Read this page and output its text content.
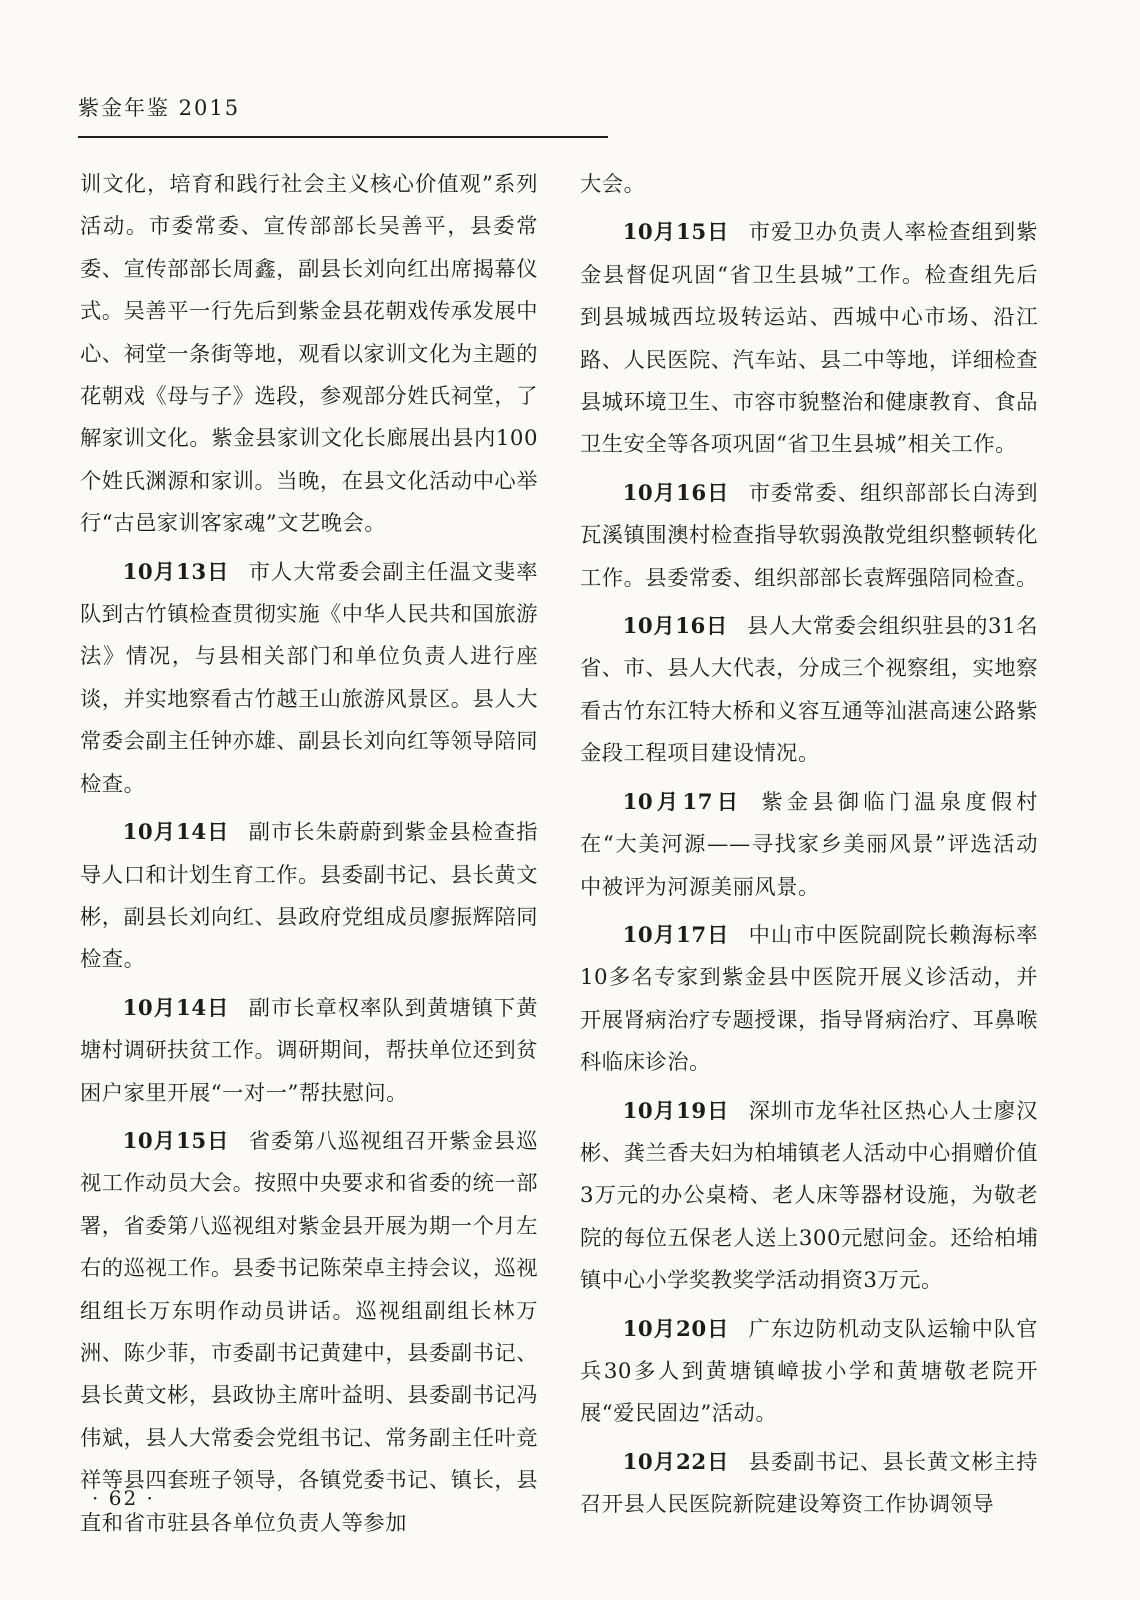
紫金年鉴 2015

训文化，培育和践行社会主义核心价值观”系列活动。市委常委、宣传部部长吴善平，县委常委、宣传部部长周鑫，副县长刘向红出席揭幕仪式。吴善平一行先后到紫金县花朝戏传承发展中心、祠堂一条街等地，观看以家训文化为主题的花朝戏《母与子》选段，参观部分姓氏祠堂，了解家训文化。紫金县家训文化长廊展出县内100个姓氏渊源和家训。当晚，在县文化活动中心举行“古邑家训客家魂”文艺晚会。

10月13日 市人大常委会副主任温文斐率队到古竹镇检查贯彻实施《中华人民共和国旅游法》情况，与县相关部门和单位负责人进行座谈，并实地察看古竹越王山旅游风景区。县人大常委会副主任钟亦雄、副县长刘向红等领导陪同检查。

10月14日 副市长朱蔚蔚到紫金县检查指导人口和计划生育工作。县委副书记、县长黄文彬，副县长刘向红、县政府党组成员廖振辉陪同检查。

10月14日 副市长章权率队到黄塘镇下黄塘村调研扶贫工作。调研期间，帮扶单位还到贫困户家里开展“一对一”帮扶慰问。

10月15日 省委第八巡视组召开紫金县巡视工作动员大会。按照中央要求和省委的统一部署，省委第八巡视组对紫金县开展为期一个月左右的巡视工作。县委书记陈荣卓主持会议，巡视组组长万东明作动员讲话。巡视组副组长林万洲、陈少菲，市委副书记黄建中，县委副书记、县长黄文彬，县政协主席叶益明、县委副书记冯伟斌，县人大常委会党组书记、常务副主任叶竞祥等县四套班子领导，各镇党委书记、镇长，县直和省市驻县各单位负责人等参加

大会。

10月15日 市爱卫办负责人率检查组到紫金县督促巩固“省卫生县城”工作。检查组先后到县城城西垃圾转运站、西城中心市场、沿江路、人民医院、汽车站、县二中等地，详细检查县城环境卫生、市容市貌整治和健康教育、食品卫生安全等各项巩固“省卫生县城”相关工作。

10月16日 市委常委、组织部部长白涛到瓦溪镇围澳村检查指导软弱涣散党组织整顿转化工作。县委常委、组织部部长袁辉强陪同检查。

10月16日 县人大常委会组织驻县的31名省、市、县人大代表，分成三个视察组，实地察看古竹东江特大桥和义容互通等汕湛高速公路紫金段工程项目建设情况。

10月17日 紫金县御临门温泉度假村在“大美河源——寻找家乡美丽风景”评选活动中被评为河源美丽风景。

10月17日 中山市中医院副院长赖海标率10多名专家到紫金县中医院开展义诊活动，并开展肾病治疗专题授课，指导肾病治疗、耳鼻喉科临床诊治。

10月19日 深圳市龙华社区热心人士廖汉彬、龚兰香夫妇为柏埔镇老人活动中心捐赠价值3万元的办公桌椅、老人床等器材设施，为敬老院的每位五保老人送上300元慰问金。还给柏埔镇中心小学奖教奖学活动捐资3万元。

10月20日 广东边防机动支队运输中队官兵30多人到黄塘镇嶂拔小学和黄塘敬老院开展“爱民固边”活动。

10月22日 县委副书记、县长黄文彬主持召开县人民医院新院建设筹资工作协调领导

· 62 ·
